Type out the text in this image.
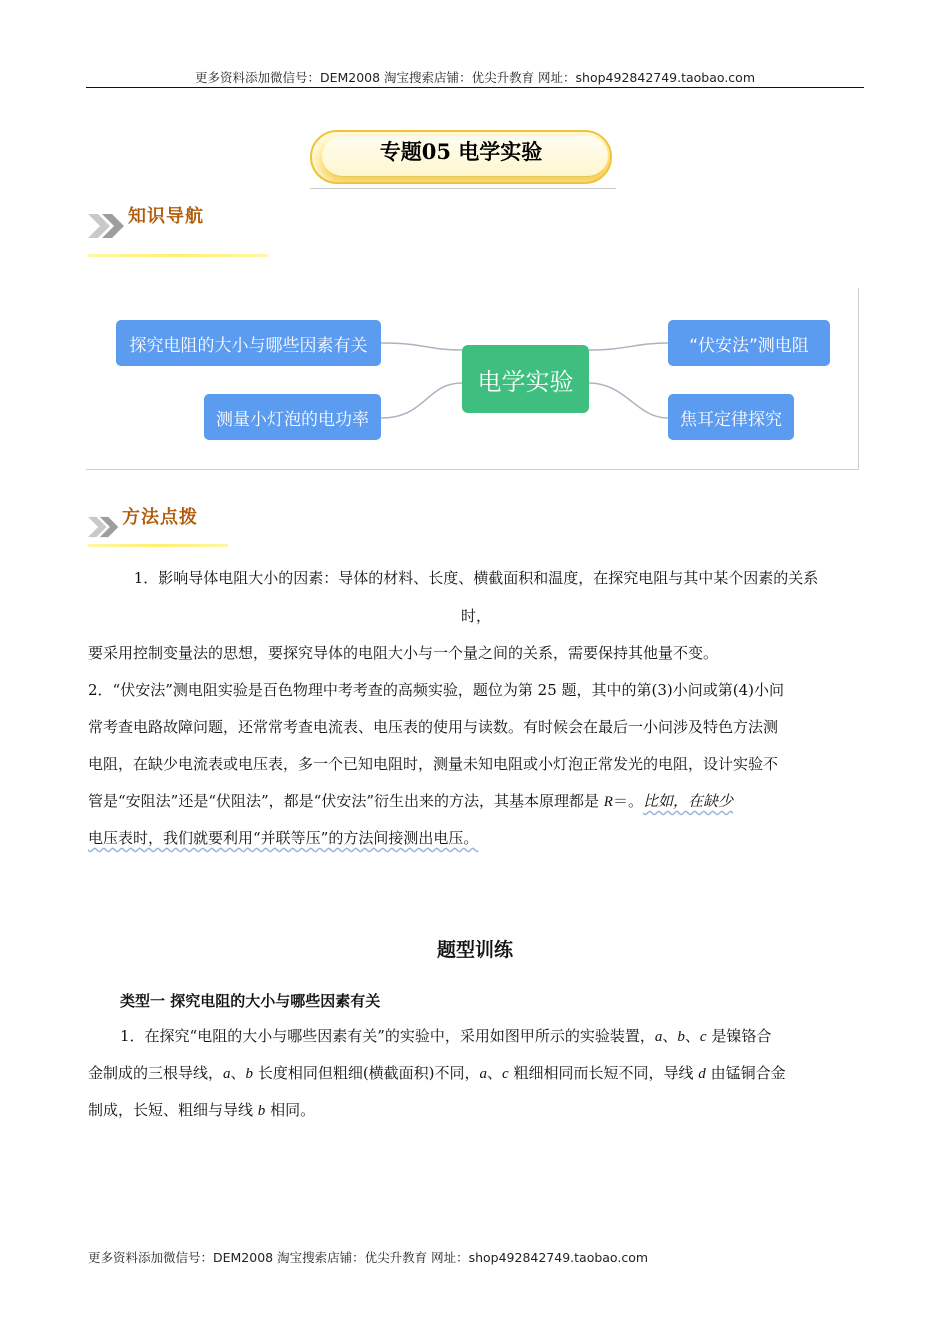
更多资料添加微信号：DEM2008 淘宝搜索店铺：优尖升教育 网址：shop492842749.taobao.com
专题05 电学实验
知识导航
探究电阻的大小与哪些因素有关
测量小灯泡的电功率
电学实验
“伏安法”测电阻
焦耳定律探究
方法点拨
1．影响导体电阻大小的因素：导体的材料、长度、横截面积和温度，在探究电阻与其中某个因素的关系
时，
要采用控制变量法的思想，要探究导体的电阻大小与一个量之间的关系，需要保持其他量不变。
2．“伏安法”测电阻实验是百色物理中考考查的高频实验，题位为第 25 题，其中的第(3)小问或第(4)小问
常考查电路故障问题，还常常考查电流表、电压表的使用与读数。有时候会在最后一小问涉及特色方法测
电阻，在缺少电流表或电压表，多一个已知电阻时，测量未知电阻或小灯泡正常发光的电阻，设计实验不
管是“安阻法”还是“伏阻法”，都是“伏安法”衍生出来的方法，其基本原理都是 R＝。比如，在缺少
电压表时，我们就要利用“并联等压”的方法间接测出电压。
题型训练
类型一 探究电阻的大小与哪些因素有关
1．在探究“电阻的大小与哪些因素有关”的实验中，采用如图甲所示的实验装置，a、b、c 是镍铬合
金制成的三根导线，a、b 长度相同但粗细(横截面积)不同，a、c 粗细相同而长短不同，导线 d 由锰铜合金
制成，长短、粗细与导线 b 相同。
更多资料添加微信号：DEM2008 淘宝搜索店铺：优尖升教育 网址：shop492842749.taobao.com
